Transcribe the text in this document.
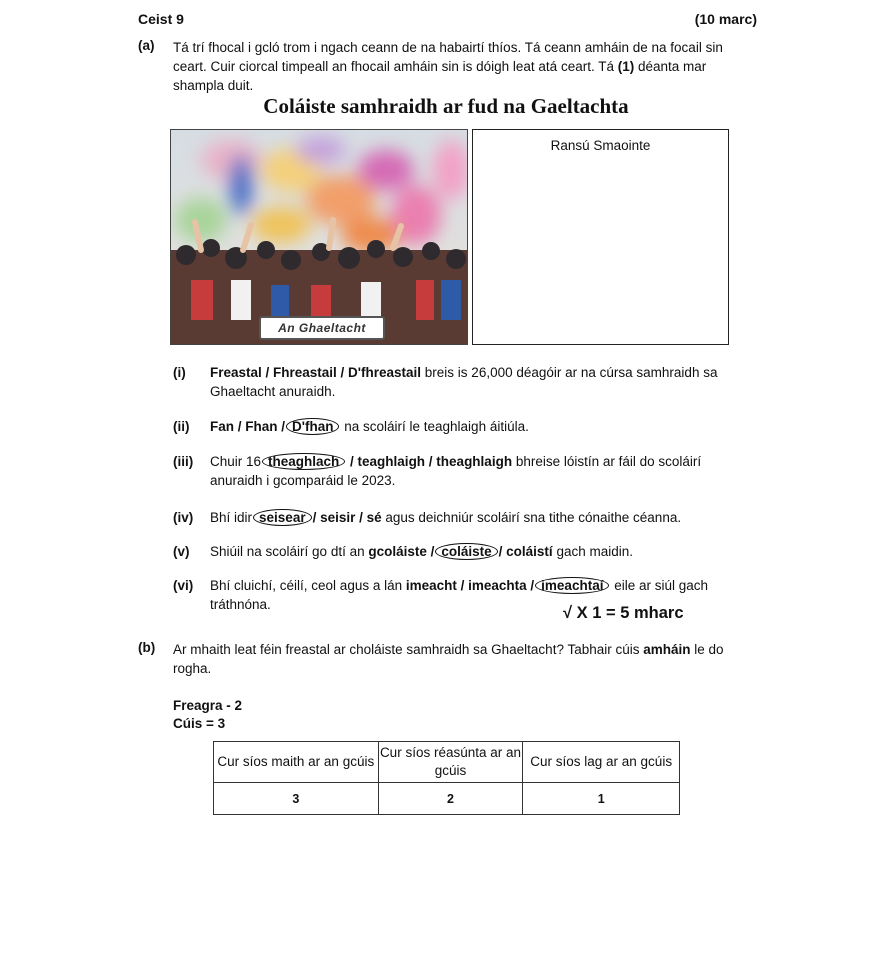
Ceist 9	(10 marc)
(a) Tá trí fhocal i gcló trom i ngach ceann de na habairtí thíos. Tá ceann amháin de na focail sin ceart. Cuir ciorcal timpeall an fhocail amháin sin is dóigh leat atá ceart. Tá (1) déanta mar shampla duit.
Coláiste samhraidh ar fud na Gaeltachta
An Ghaeltacht
Ransú Smaointe
(i)	Freastal / Fhreastail / D'fhreastail breis is 26,000 déagóir ar na cúrsa samhraidh sa Ghaeltacht anuraidh.
(ii)	Fan / Fhan / D'fhan na scoláirí le teaghlaigh áitiúla.
(iii)	Chuir 16 theaghlach / teaghlaigh / theaghlaigh bhreise lóistín ar fáil do scoláirí anuraidh i gcomparáid le 2023.
(iv)	Bhí idir seisear / seisir / sé agus deichniúr scoláirí sna tithe cónaithe céanna.
(v)	Shiúil na scoláirí go dtí an gcoláiste / coláiste / coláistí gach maidin.
(vi)	Bhí cluichí, céilí, ceol agus a lán imeacht / imeachta / imeachtaí eile ar siúl gach tráthnóna.	√ X 1 = 5 mharc
(b) Ar mhaith leat féin freastal ar choláiste samhraidh sa Ghaeltacht? Tabhair cúis amháin le do rogha.
Freagra - 2
Cúis = 3
Cur síos maith ar an gcúis	Cur síos réasúnta ar an gcúis	Cur síos lag ar an gcúis
3	2	1
